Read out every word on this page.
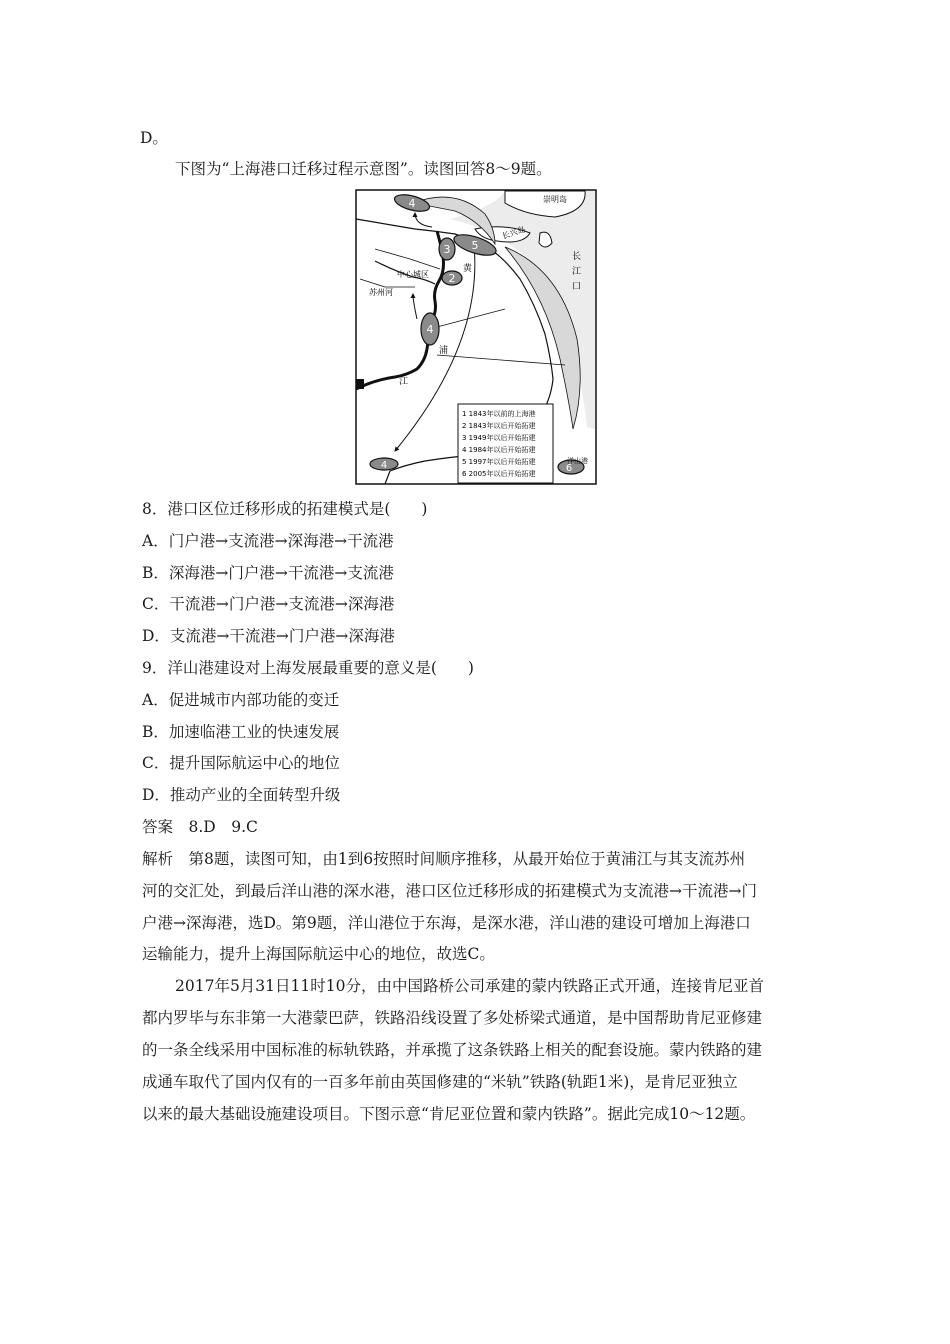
D。
下图为“上海港口迁移过程示意图”。读图回答8～9题。
4
3 5
2
4
4	6
崇明岛
长兴岛
中心城区
苏州河
黄
浦
江
洋山港
长江口
1 1843年以前的上海港
2 1843年以后开始拓建
3 1949年以后开始拓建
4 1984年以后开始拓建
5 1997年以后开始拓建
6 2005年以后开始拓建
8．港口区位迁移形成的拓建模式是(　　)
A．门户港→支流港→深海港→干流港
B．深海港→门户港→干流港→支流港
C．干流港→门户港→支流港→深海港
D．支流港→干流港→门户港→深海港
9．洋山港建设对上海发展最重要的意义是(　　)
A．促进城市内部功能的变迁
B．加速临港工业的快速发展
C．提升国际航运中心的地位
D．推动产业的全面转型升级
答案　8.D　9.C
解析　第8题，读图可知，由1到6按照时间顺序推移，从最开始位于黄浦江与其支流苏州
河的交汇处，到最后洋山港的深水港，港口区位迁移形成的拓建模式为支流港→干流港→门
户港→深海港，选D。第9题，洋山港位于东海，是深水港，洋山港的建设可增加上海港口
运输能力，提升上海国际航运中心的地位，故选C。
2017年5月31日11时10分，由中国路桥公司承建的蒙内铁路正式开通，连接肯尼亚首
都内罗毕与东非第一大港蒙巴萨，铁路沿线设置了多处桥梁式通道，是中国帮助肯尼亚修建
的一条全线采用中国标准的标轨铁路，并承揽了这条铁路上相关的配套设施。蒙内铁路的建
成通车取代了国内仅有的一百多年前由英国修建的“米轨”铁路(轨距1米)，是肯尼亚独立
以来的最大基础设施建设项目。下图示意“肯尼亚位置和蒙内铁路”。据此完成10～12题。
